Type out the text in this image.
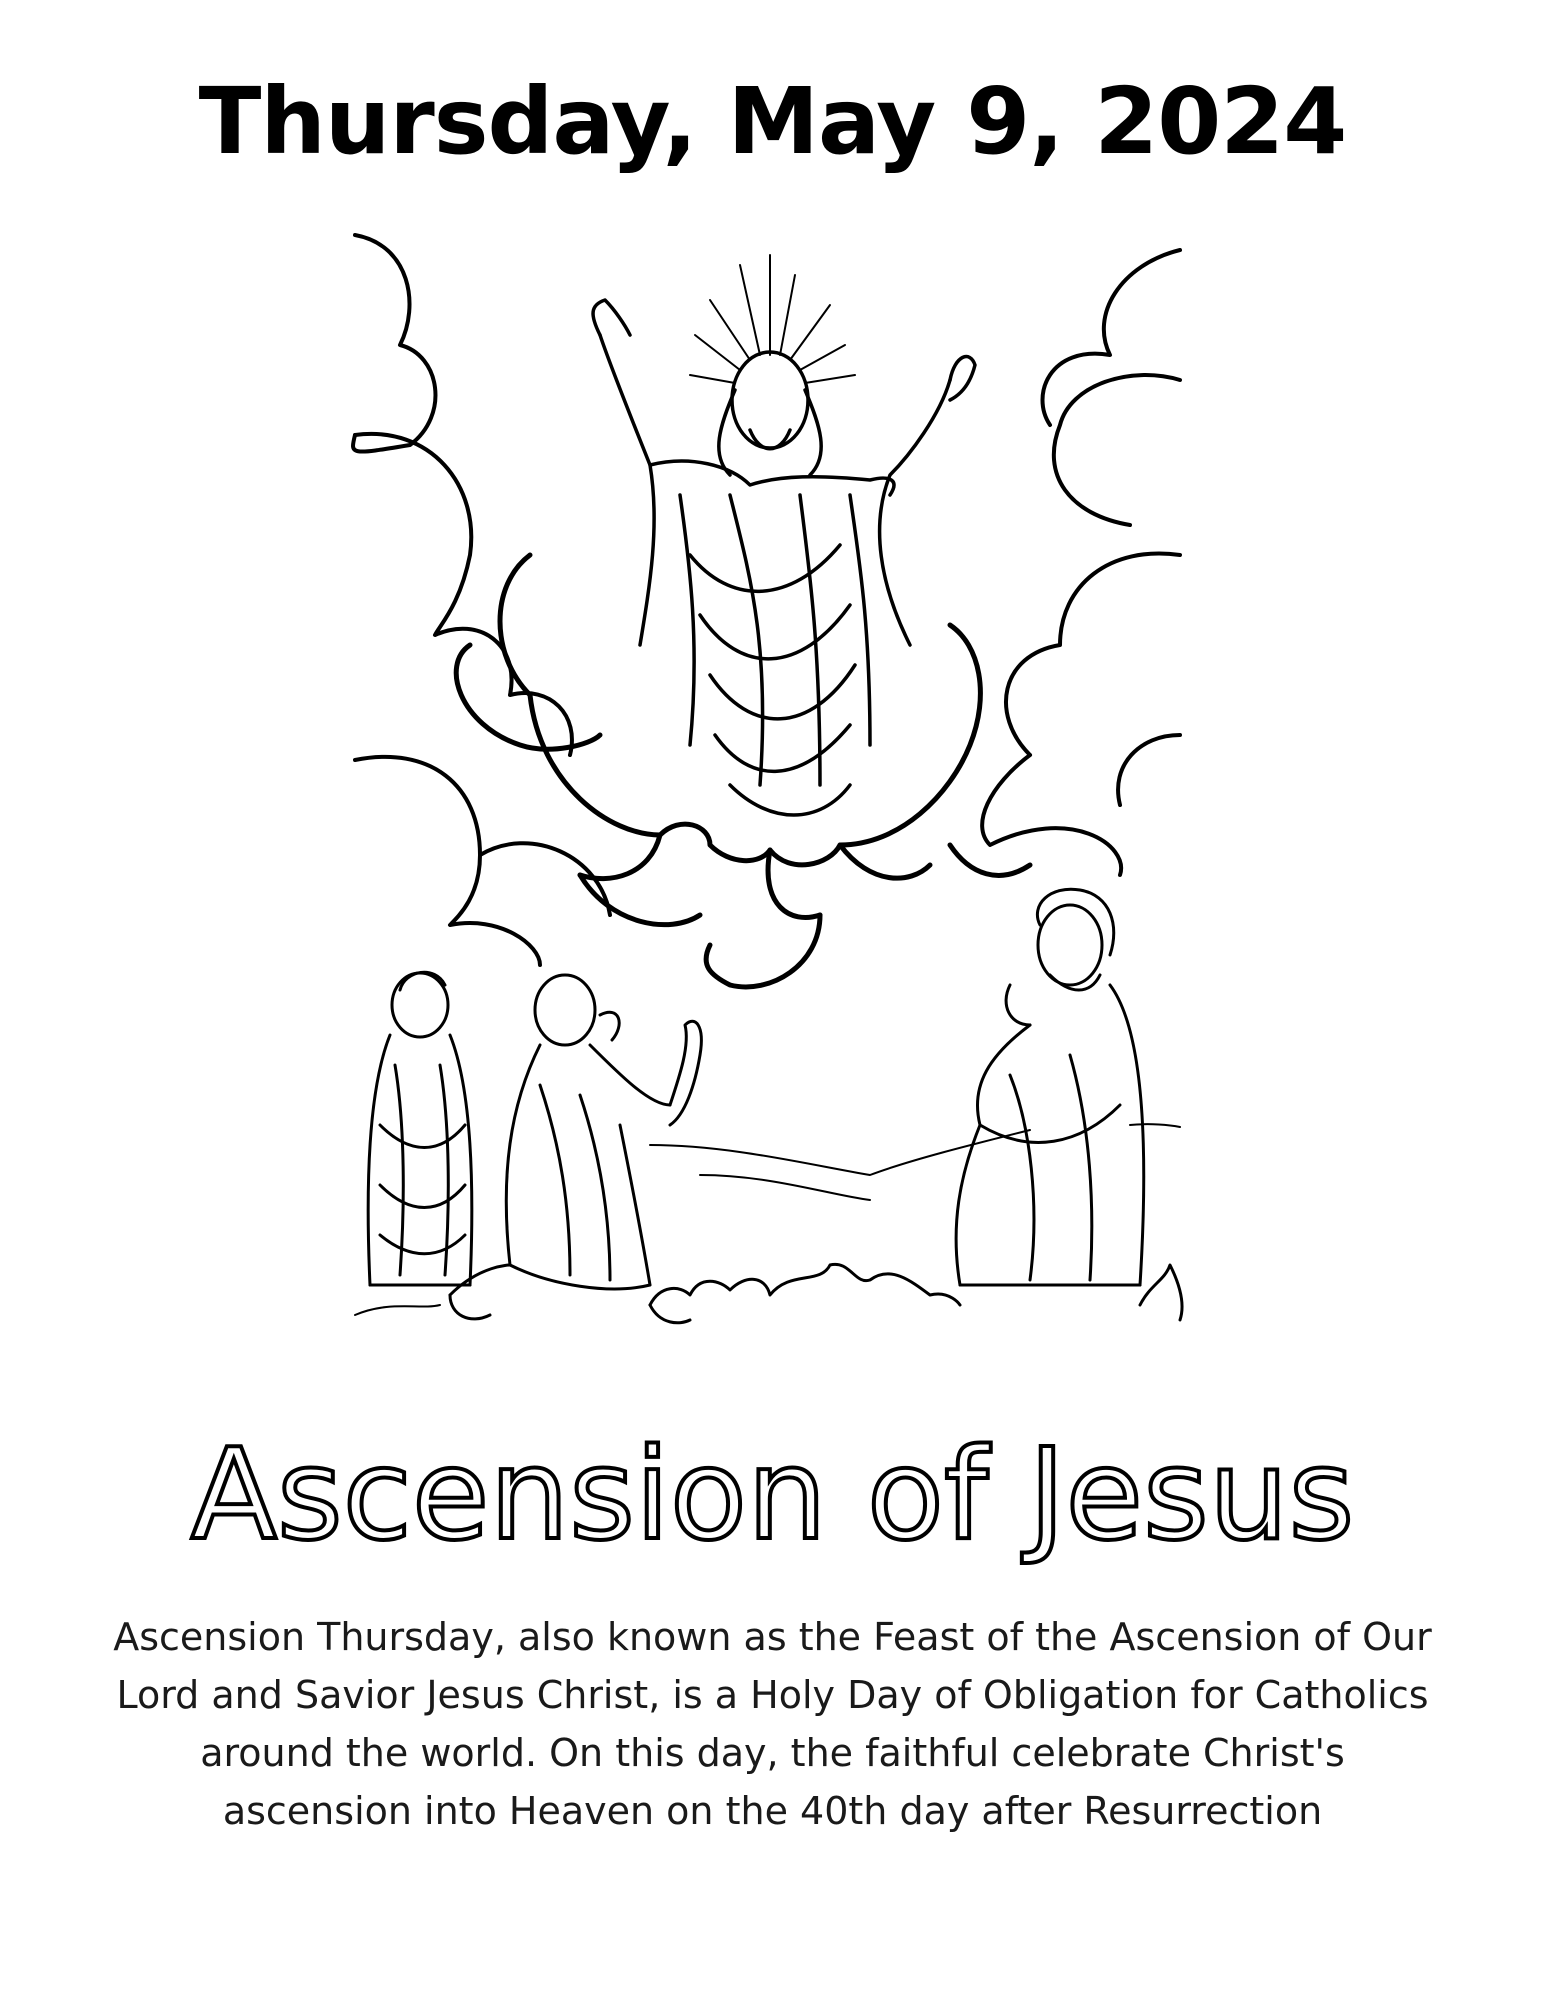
Thursday, May 9, 2024
Ascension of Jesus

Ascension Thursday, also known as the Feast of the Ascension of Our Lord and Savior Jesus Christ, is a Holy Day of Obligation for Catholics around the world. On this day, the faithful celebrate Christ's ascension into Heaven on the 40th day after Resurrection
